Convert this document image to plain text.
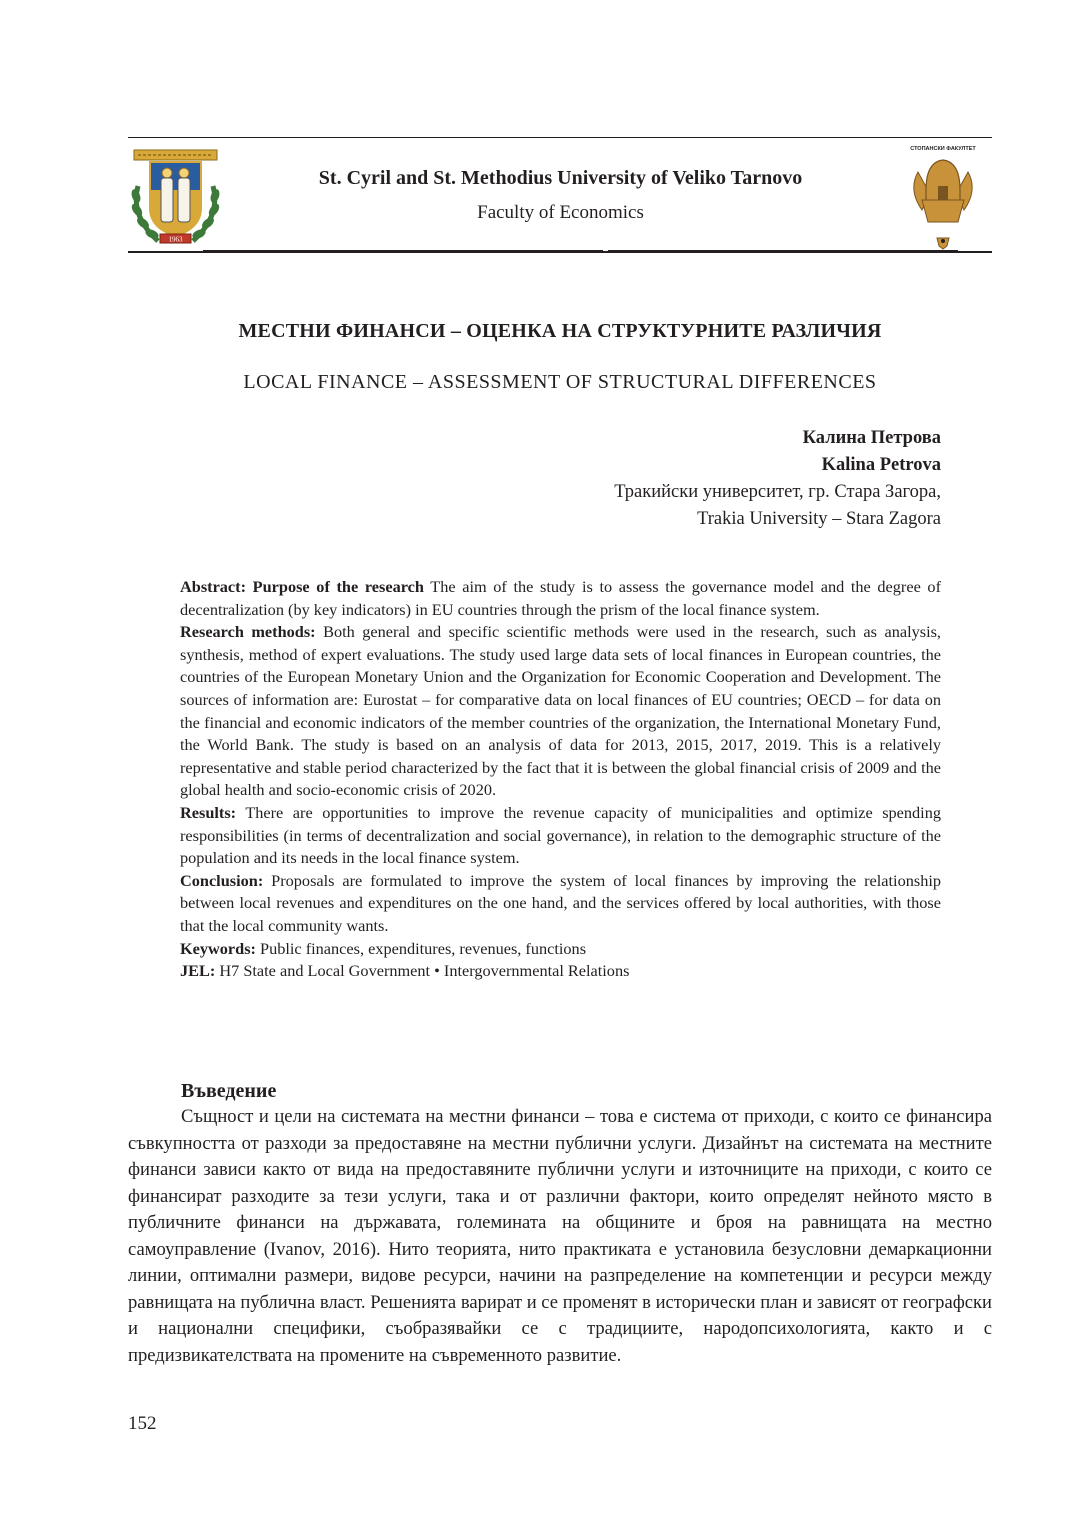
1963
St. Cyril and St. Methodius University of Veliko Tarnovo
Faculty of Economics
СТОПАНСКИ ФАКУЛТЕТ
МЕСТНИ ФИНАНСИ – ОЦЕНКА НА СТРУКТУРНИТЕ РАЗЛИЧИЯ
LOCAL FINANCE – ASSESSMENT OF STRUCTURAL DIFFERENCES
Калина Петрова
Kalina Petrova
Тракийски университет, гр. Стара Загора,
Trakia University – Stara Zagora

Abstract: Purpose of the research The aim of the study is to assess the governance model and the degree of decentralization (by key indicators) in EU countries through the prism of the local finance system.

Research methods: Both general and specific scientific methods were used in the research, such as analysis, synthesis, method of expert evaluations. The study used large data sets of local finances in European countries, the countries of the European Monetary Union and the Organization for Economic Cooperation and Development. The sources of information are: Eurostat – for comparative data on local finances of EU countries; OECD – for data on the financial and economic indicators of the member countries of the organization, the International Monetary Fund, the World Bank. The study is based on an analysis of data for 2013, 2015, 2017, 2019. This is a relatively representative and stable period characterized by the fact that it is between the global financial crisis of 2009 and the global health and socio-economic crisis of 2020.

Results: There are opportunities to improve the revenue capacity of municipalities and optimize spending responsibilities (in terms of decentralization and social governance), in relation to the demographic structure of the population and its needs in the local finance system.

Conclusion: Proposals are formulated to improve the system of local finances by improving the relationship between local revenues and expenditures on the one hand, and the services offered by local authorities, with those that the local community wants.

Keywords: Public finances, expenditures, revenues, functions

JEL: H7 State and Local Government • Intergovernmental Relations

Въведение

Същност и цели на системата на местни финанси – това е система от приходи, с които се финансира съвкупността от разходи за предоставяне на местни публични услуги. Дизайнът на системата на местните финанси зависи както от вида на предоставяните публични услуги и източниците на приходи, с които се финансират разходите за тези услуги, така и от различни фактори, които определят нейното място в публичните финанси на държавата, големината на общините и броя на равнищата на местно самоуправление (Ivanov, 2016). Нито теорията, нито практиката е установила безусловни демаркационни линии, оптимални размери, видове ресурси, начини на разпределение на компетенции и ресурси между равнищата на публична власт. Решенията варират и се променят в исторически план и зависят от географски и национални специфики, съобразявайки се с традициите, народопсихологията, както и с предизвикателствата на промените на съвременното развитие.

152
